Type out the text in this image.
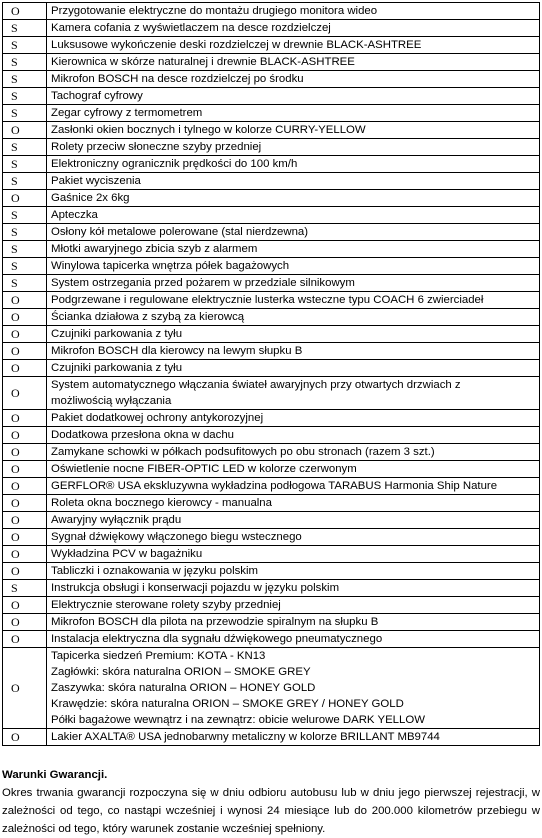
O	Przygotowanie elektryczne do montażu drugiego monitora wideo
S	Kamera cofania z wyświetlaczem na desce rozdzielczej
S	Luksusowe wykończenie deski rozdzielczej w drewnie BLACK-ASHTREE
S	Kierownica w skórze naturalnej i drewnie BLACK-ASHTREE
S	Mikrofon BOSCH na desce rozdzielczej po środku
S	Tachograf cyfrowy
S	Zegar cyfrowy z termometrem
O	Zasłonki okien bocznych i tylnego w kolorze CURRY-YELLOW
S	Rolety przeciw słoneczne szyby przedniej
S	Elektroniczny ogranicznik prędkości do 100 km/h
S	Pakiet wyciszenia
O	Gaśnice 2x 6kg
S	Apteczka
S	Osłony kół metalowe polerowane (stal nierdzewna)
S	Młotki awaryjnego zbicia szyb z alarmem
S	Winylowa tapicerka wnętrza półek bagażowych
S	System ostrzegania przed pożarem w przedziale silnikowym
O	Podgrzewane i regulowane elektrycznie lusterka wsteczne typu COACH 6 zwierciadeł
O	Ścianka działowa z szybą za kierowcą
O	Czujniki parkowania z tyłu
O	Mikrofon BOSCH dla kierowcy na lewym słupku B
O	Czujniki parkowania z tyłu
O	System automatycznego włączania świateł awaryjnych przy otwartych drzwiach z
możliwością wyłączania

O	Pakiet dodatkowej ochrony antykorozyjnej
O	Dodatkowa przesłona okna w dachu
O	Zamykane schowki w półkach podsufitowych po obu stronach (razem 3 szt.)
O	Oświetlenie nocne FIBER-OPTIC LED w kolorze czerwonym
O	GERFLOR® USA ekskluzywna wykładzina podłogowa TARABUS Harmonia Ship Nature
O	Roleta okna bocznego kierowcy - manualna
O	Awaryjny wyłącznik prądu
O	Sygnał dźwiękowy włączonego biegu wstecznego
O	Wykładzina PCV w bagażniku
O	Tabliczki i oznakowania w języku polskim
S	Instrukcja obsługi i konserwacji pojazdu w języku polskim
O	Elektrycznie sterowane rolety szyby przedniej
O	Mikrofon BOSCH dla pilota na przewodzie spiralnym na słupku B
O	Instalacja elektryczna dla sygnału dźwiękowego pneumatycznego
O	Tapicerka siedzeń Premium: KOTA - KN13
Zagłówki: skóra naturalna ORION – SMOKE GREY
Zaszywka: skóra naturalna ORION – HONEY GOLD
Krawędzie: skóra naturalna ORION – SMOKE GREY / HONEY GOLD
Półki bagażowe wewnątrz i na zewnątrz: obicie welurowe DARK YELLOW

O	Lakier AXALTA® USA jednobarwny metaliczny w kolorze BRILLANT MB9744
Warunki Gwarancji.
Okres trwania gwarancji rozpoczyna się w dniu odbioru autobusu lub w dniu jego pierwszej rejestracji, w zależności od tego, co nastąpi wcześniej i wynosi 24 miesiące lub do 200.000 kilometrów przebiegu w zależności od tego, który warunek zostanie wcześniej spełniony.
